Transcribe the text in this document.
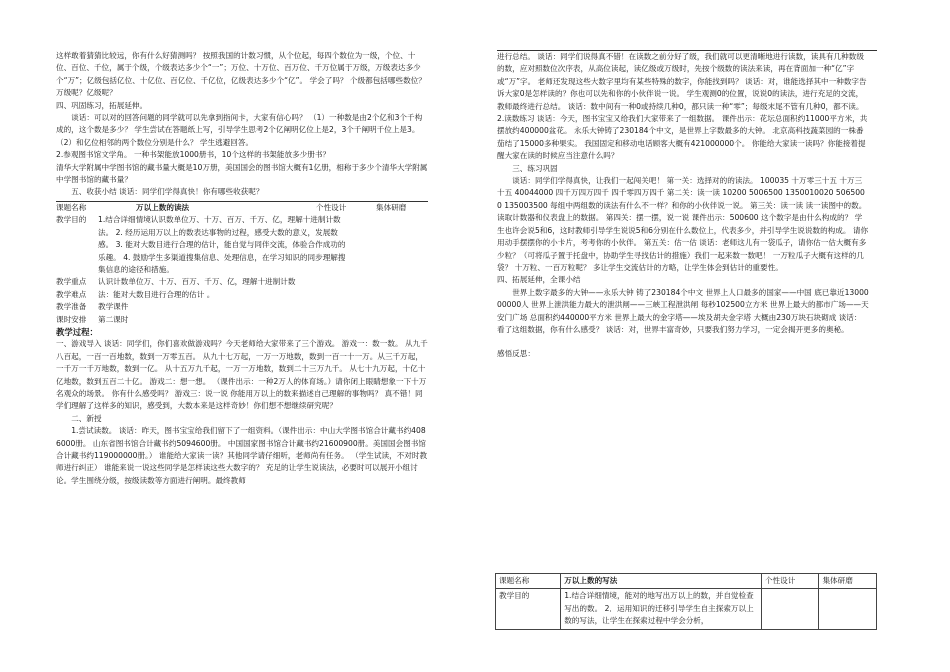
这样敢着猜猜比较远，你有什么好猜测吗？ 按照我国的计数习惯，从个位起，每四个数位为一级，个位、十位、百位、千位，属于个级，个级表达多少个“一”；万位、十万位、百万位、千万位属于万级，万级表达多少个“万”；亿级包括亿位、十亿位、百亿位、千亿位，亿级表达多少个“亿”。 学会了吗？ 个级都包括哪些数位？万级呢？亿级呢？

四、巩固练习，拓展延伸。

谈话：可以对的回答问题的同学就可以先拿到指间卡，大家有信心吗？ （1）一种数是由2个亿和3个千构成的，这个数是多少？ 学生尝试在答题纸上写，引导学生思考2个亿阐明亿位上是2，3个千阐明千位上是3。 （2）和亿位相邻的两个数位分别是什么？ 学生逃避回答。

2.参观图书馆文学角。 一种书架能放1000册书，10个这样的书架能放多少册书？

清华大学附属中学图书馆的藏书量大概是10万册，美国国会的图书馆大概有1亿册，相称于多少个清华大学附属中学图书馆的藏书量？

五、收获小结 谈话：同学们学得真快！你有哪些收获呢？

课题名称	万以上数的读法	个性设计	集体研磨
教学目的	1.结合详细情境认识数单位万、十万、百万、千万、亿，理解十进制计数法。 2. 经历运用万以上的数表达事物的过程，感受大数的意义，发展数感。 3. 能对大数目进行合理的估计，能自觉与同伴交流，体验合作成功的乐趣。 4. 鼓励学生多渠道搜集信息、处理信息，在学习知识的同步理解搜集信息的途径和措施。
教学重点	认识计数单位万、十万、百万、千万、亿，理解十进制计数
教学难点	法：能对大数目进行合理的估计 。
教学准备	教学课件
课时安排	第二课时

教学过程：

一、游戏导入 谈话：同学们，你们喜欢做游戏吗？今天老师给大家带来了三个游戏。 游戏一：数一数。 从九千八百起，一百一百地数，数到一万零五百。 从九十七万起，一万一万地数，数到一百一十一万。从三千万起，一千万一千万地数，数到一亿。 从十五万九千起，一万一万地数，数到二十三万九千。 从七十九万起，十亿十亿地数，数到五百二十亿。 游戏二：想一想。 （课件出示：一种2万人的体育场。）请你闭上眼睛想象一下十万名观众的场景。 你有什么感受吗？ 游戏三：说一说 你能用万以上的数来描述自己理解的事物吗？ 真不错！同学们理解了这样多的知识，感受到，大数本来是这样奇妙！你们想不想继续研究呢？

二、新授

1.尝试读数。 谈话：昨天，图书宝宝给我们留下了一组资料。（课件出示：中山大学图书馆合计藏书约4086000册。 山东省图书馆合计藏书约5094600册。 中国国家图书馆合计藏书约21600900册。美国国会图书馆合计藏书约119000000册。） 谁能给大家读一读？其他同学请仔细听，老师尚有任务。 （学生试读，不对时教师进行纠正） 谁能来说一说这些同学是怎样读这些大数字的？ 充足的让学生说读法，必要时可以展开小组讨论。学生围绕分级，按级读数等方面进行阐明。最终教师

进行总结。 谈话：同学们说得真不错！在读数之前分好了级，我们就可以更清晰地进行读数，读具有几种数级的数，应对照数位次序表，从高位读起，读亿级或万级时，先按个级数的读法来读，再在背面加一种“亿”字或“万”字。 老师还发现这些大数字里均有某些特殊的数字，你能找到吗？ 谈话：对，谁能选择其中一种数字告诉大家0是怎样读的？你也可以先和你的小伙伴说一说。 学生观测0的位置，说说0的读法，进行充足的交流，教师最终进行总结。 谈话：数中间有一种0或持续几种0，都只读一种“零”；每级末尾不管有几种0，都不读。 2.读数练习 谈话：今天，图书宝宝又给我们大家带来了一组数据。 课件出示：花坛总面积约11000平方米，共摆放约400000盆花。 永乐大钟铸了230184个中文，是世界上字数最多的大钟。 北京高科技蔬菜园的一株番茄结了15000多种果实。 我国固定和移动电话顾客大概有421000000个。 你能给大家读一读吗？你能接着提醒大家在读的时候应当注意什么吗？

三、练习巩固

谈话：同学们学得真快，让我们一起闯关吧！ 第一关：选择对的的读法。 100035 十万零三十五 十万三十五 40044000 四千万四万四千 四千零四万四千 第二关：读一读 10200 5006500 1350010020 5065000 135003500 每组中两组数的读法有什么不一样？和你的小伙伴说一说。 第三关：读一读 读一读图中的数。 读取计数器和仪表盘上的数据。 第四关：摆一摆，说一说 课件出示：500600 这个数字是由什么构成的？ 学生也许会说5和6，这时教师引导学生说说5和6分别在什么数位上，代表多少，并引导学生说说数的构成。 请你用动手摆摆你的小卡片，考考你的小伙伴。 第五关：估一估 谈话：老师这儿有一袋瓜子，请你估一估大概有多少粒？（可将瓜子置于托盘中，协助学生寻找估计的措施）我们一起来数一数吧！ 一万粒瓜子大概有这样的几袋？ 十万粒、一百万粒呢？ 多让学生交流估计的方略，让学生体会到估计的重要性。

四、拓展延伸，全课小结

世界上数字最多的大钟——永乐大钟 铸了230184个中文 世界上人口最多的国家——中国 底已靠近1300000000人 世界上泄洪能力最大的泄洪闸——三峡工程泄洪闸 每秒102500立方米 世界上最大的都市广场——天安门广场 总面积约440000平方米 世界上最大的金字塔——埃及胡夫金字塔 大概由230万块石块砌成 谈话：看了这组数据，你有什么感受？ 谈话：对，世界丰富奇妙，只要我们努力学习，一定会揭开更多的奥秘。

感悟反思：

课题名称	万以上数的写法	个性设计	集体研磨
教学目的	1.结合详细情境，能对的地写出万以上的数，并自觉检查写出的数。 2．运用知识的迁移引导学生自主探索万以上数的写法，让学生在探索过程中学会分析，		
